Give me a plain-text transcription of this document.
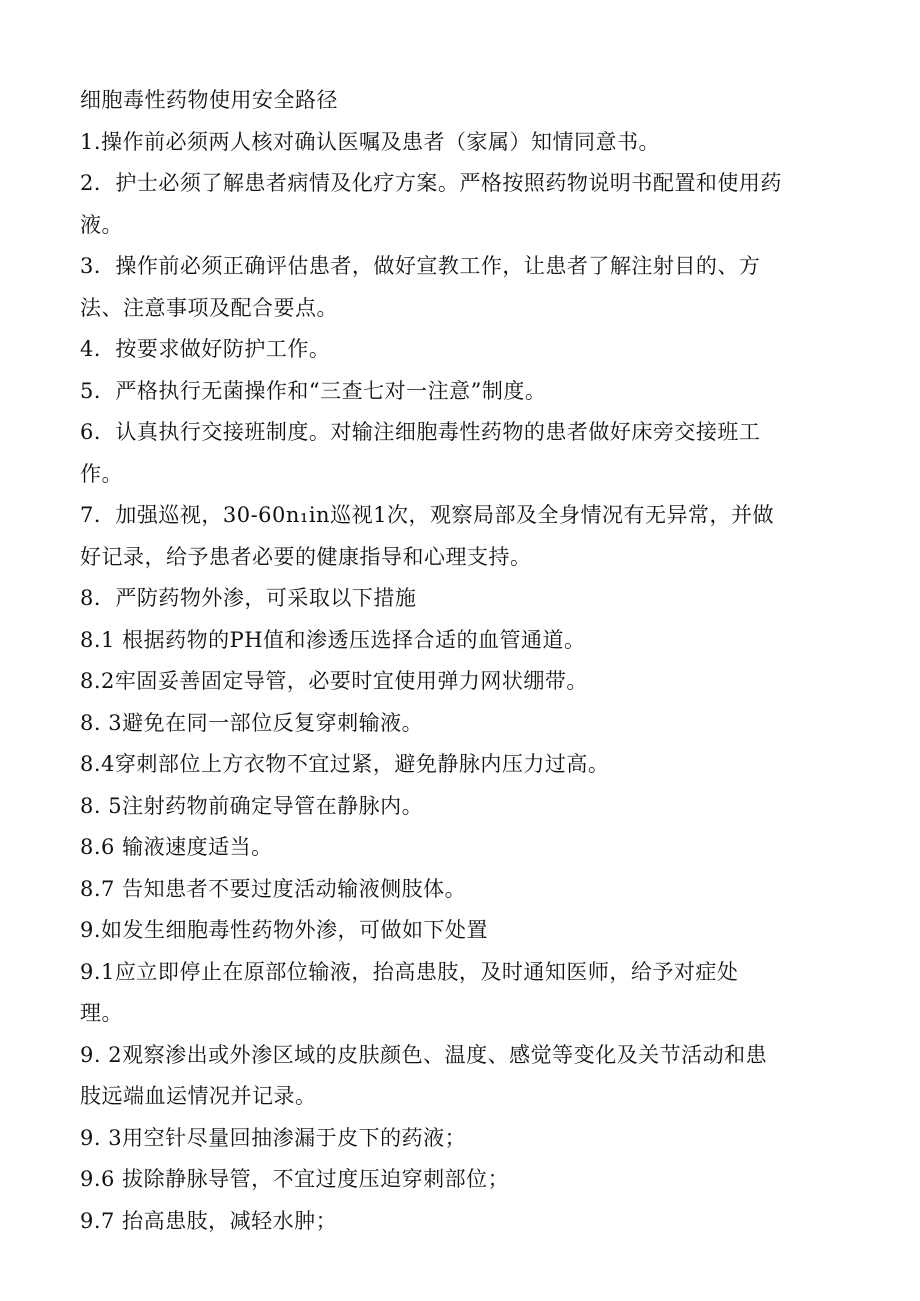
细胞毒性药物使用安全路径
1.操作前必须两人核对确认医嘱及患者（家属）知情同意书。
2．护士必须了解患者病情及化疗方案。严格按照药物说明书配置和使用药
液。
3．操作前必须正确评估患者，做好宣教工作，让患者了解注射目的、方
法、注意事项及配合要点。
4．按要求做好防护工作。
5．严格执行无菌操作和“三查七对一注意”制度。
6．认真执行交接班制度。对输注细胞毒性药物的患者做好床旁交接班工
作。
7．加强巡视，30-60n₁in巡视1次，观察局部及全身情况有无异常，并做
好记录，给予患者必要的健康指导和心理支持。
8．严防药物外渗，可采取以下措施
8.1 根据药物的PH值和渗透压选择合适的血管通道。
8.2牢固妥善固定导管，必要时宜使用弹力网状绷带。
8. 3避免在同一部位反复穿刺输液。
8.4穿刺部位上方衣物不宜过紧，避免静脉内压力过高。
8. 5注射药物前确定导管在静脉内。
8.6 输液速度适当。
8.7 告知患者不要过度活动输液侧肢体。
9.如发生细胞毒性药物外渗，可做如下处置
9.1应立即停止在原部位输液，抬高患肢，及时通知医师，给予对症处
理。
9. 2观察渗出或外渗区域的皮肤颜色、温度、感觉等变化及关节活动和患
肢远端血运情况并记录。
9. 3用空针尽量回抽渗漏于皮下的药液；
9.6 拔除静脉导管，不宜过度压迫穿刺部位；
9.7 抬高患肢，减轻水肿；
